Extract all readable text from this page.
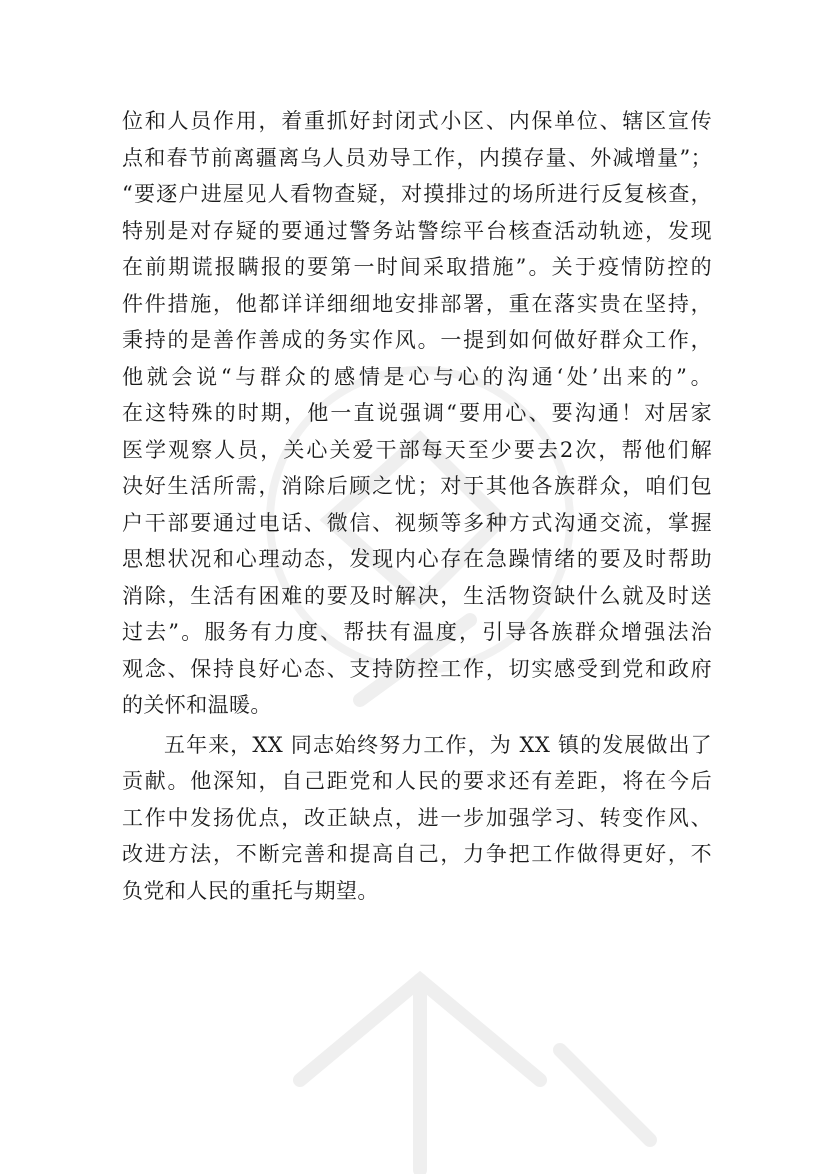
位和人员作用，着重抓好封闭式小区、内保单位、辖区宣传
点和春节前离疆离乌人员劝导工作，内摸存量、外减增量”；
“要逐户进屋见人看物查疑，对摸排过的场所进行反复核查，
特别是对存疑的要通过警务站警综平台核查活动轨迹，发现
在前期谎报瞒报的要第一时间采取措施”。关于疫情防控的
件件措施，他都详详细细地安排部署，重在落实贵在坚持，
秉持的是善作善成的务实作风。一提到如何做好群众工作，
他就会说“与群众的感情是心与心的沟通‘处’出来的”。
在这特殊的时期，他一直说强调“要用心、要沟通！对居家
医学观察人员，关心关爱干部每天至少要去2次，帮他们解
决好生活所需，消除后顾之忧；对于其他各族群众，咱们包
户干部要通过电话、微信、视频等多种方式沟通交流，掌握
思想状况和心理动态，发现内心存在急躁情绪的要及时帮助
消除，生活有困难的要及时解决，生活物资缺什么就及时送
过去”。服务有力度、帮扶有温度，引导各族群众增强法治
观念、保持良好心态、支持防控工作，切实感受到党和政府
的关怀和温暖。
五年来，XX 同志始终努力工作，为 XX 镇的发展做出了
贡献。他深知，自己距党和人民的要求还有差距，将在今后
工作中发扬优点，改正缺点，进一步加强学习、转变作风、
改进方法，不断完善和提高自己，力争把工作做得更好，不
负党和人民的重托与期望。
